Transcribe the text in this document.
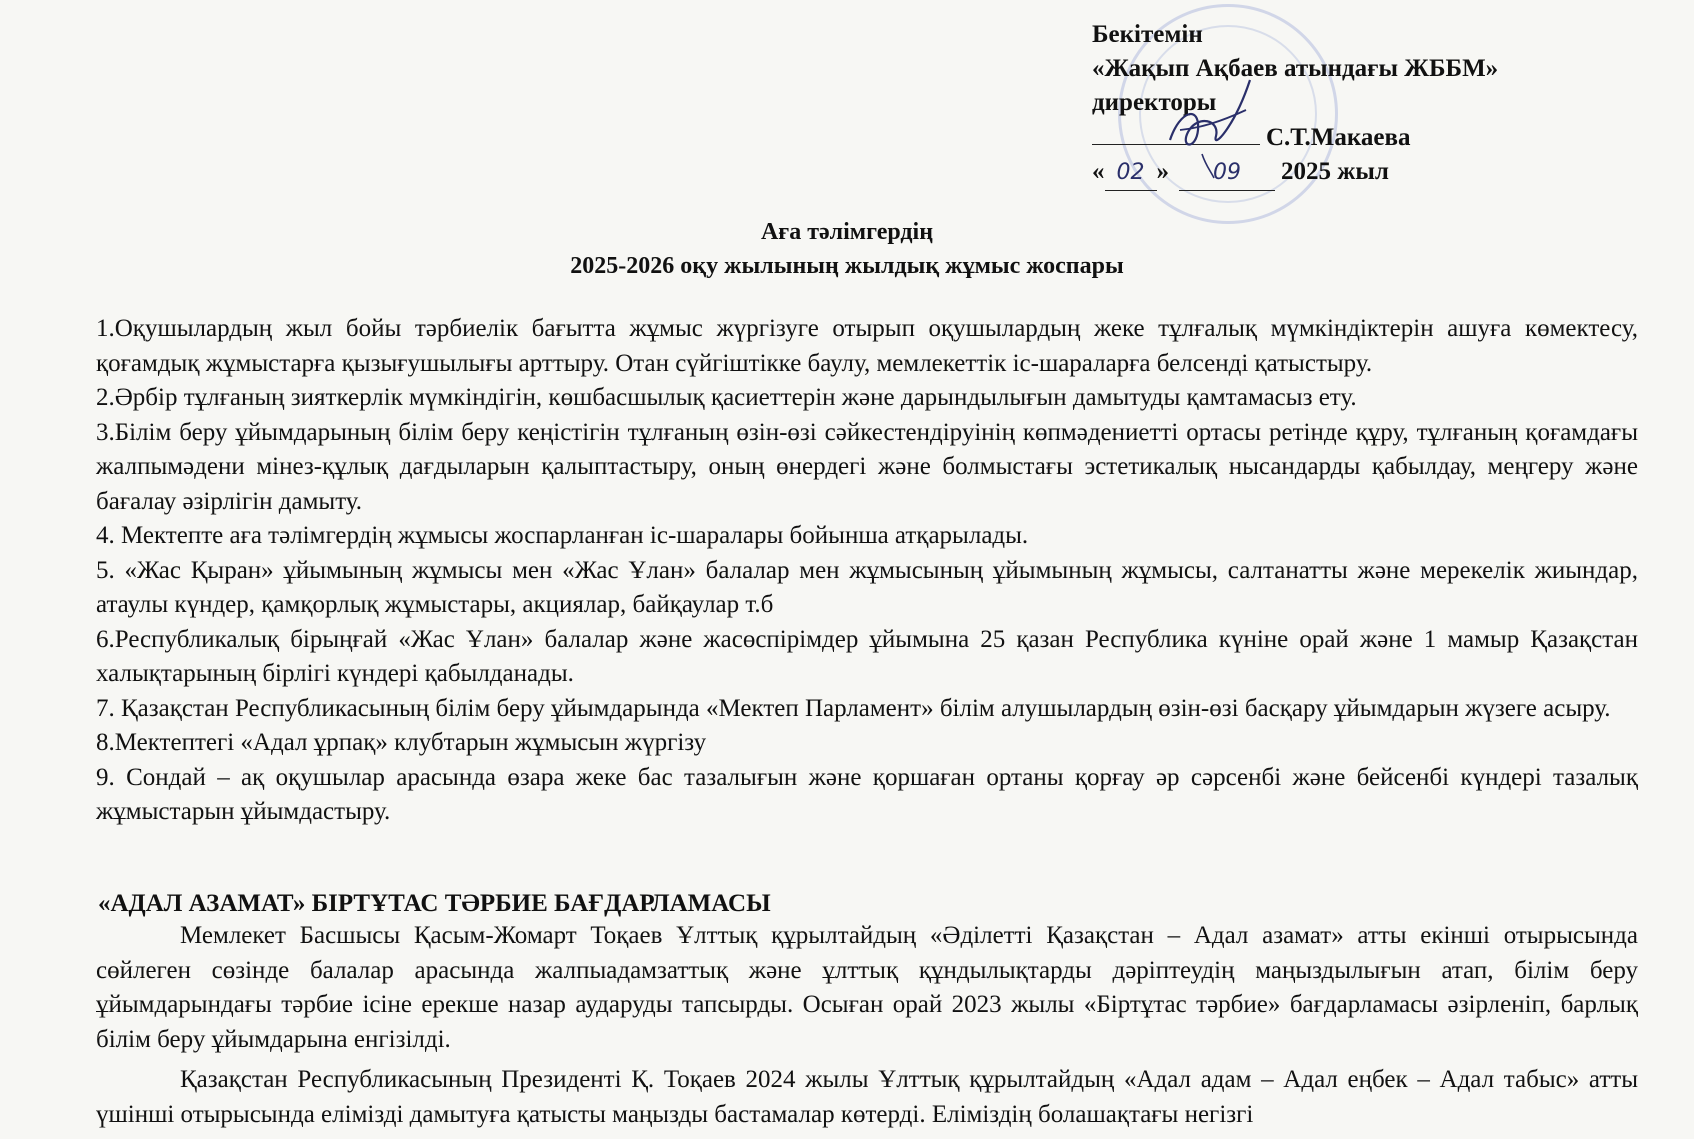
Бекітемін
«Жақып Ақбаев атындағы ЖББМ»
директоры
С.Т.Макаева
« 02 » 09 2025 жыл
Аға тәлімгердің
2025-2026 оқу жылының жылдық жұмыс жоспары

1.Оқушылардың жыл бойы тәрбиелік бағытта жұмыс жүргізуге отырып оқушылардың жеке тұлғалық мүмкіндіктерін ашуға көмектесу, қоғамдық жұмыстарға қызығушылығы арттыру. Отан сүйгіштікке баулу, мемлекеттік іс-шараларға белсенді қатыстыру.

2.Әрбір тұлғаның зияткерлік мүмкіндігін, көшбасшылық қасиеттерін және дарындылығын дамытуды қамтамасыз ету.

3.Білім беру ұйымдарының білім беру кеңістігін тұлғаның өзін-өзі сәйкестендіруінің көпмәдениетті ортасы ретінде құру, тұлғаның қоғамдағы жалпымәдени мінез-құлық дағдыларын қалыптастыру, оның өнердегі және болмыстағы эстетикалық нысандарды қабылдау, меңгеру және бағалау әзірлігін дамыту.

4. Мектепте аға тәлімгердің жұмысы жоспарланған іс-шаралары бойынша атқарылады.

5. «Жас Қыран» ұйымының жұмысы мен «Жас Ұлан» балалар мен жұмысының ұйымының жұмысы, салтанатты және мерекелік жиындар, атаулы күндер, қамқорлық жұмыстары, акциялар, байқаулар т.б

6.Республикалық бірыңғай «Жас Ұлан» балалар және жасөспірімдер ұйымына 25 қазан Республика күніне орай және 1 мамыр Қазақстан халықтарының бірлігі күндері қабылданады.

7. Қазақстан Республикасының білім беру ұйымдарында «Мектеп Парламент» білім алушылардың өзін-өзі басқару ұйымдарын жүзеге асыру.

8.Мектептегі «Адал ұрпақ» клубтарын жұмысын жүргізу

9. Сондай – ақ оқушылар арасында өзара жеке бас тазалығын және қоршаған ортаны қорғау әр сәрсенбі және бейсенбі күндері тазалық жұмыстарын ұйымдастыру.

«АДАЛ АЗАМАТ» БІРТҰТАС ТӘРБИЕ БАҒДАРЛАМАСЫ

Мемлекет Басшысы Қасым-Жомарт Тоқаев Ұлттық құрылтайдың «Әділетті Қазақстан – Адал азамат» атты екінші отырысында сөйлеген сөзінде балалар арасында жалпыадамзаттық және ұлттық құндылықтарды дәріптеудің маңыздылығын атап, білім беру ұйымдарындағы тәрбие ісіне ерекше назар аударуды тапсырды. Осыған орай 2023 жылы «Біртұтас тәрбие» бағдарламасы әзірленіп, барлық білім беру ұйымдарына енгізілді.

Қазақстан Республикасының Президенті Қ. Тоқаев 2024 жылы Ұлттық құрылтайдың «Адал адам – Адал еңбек – Адал табыс» атты үшінші отырысында елімізді дамытуға қатысты маңызды бастамалар көтерді. Еліміздің болашақтағы негізгі
